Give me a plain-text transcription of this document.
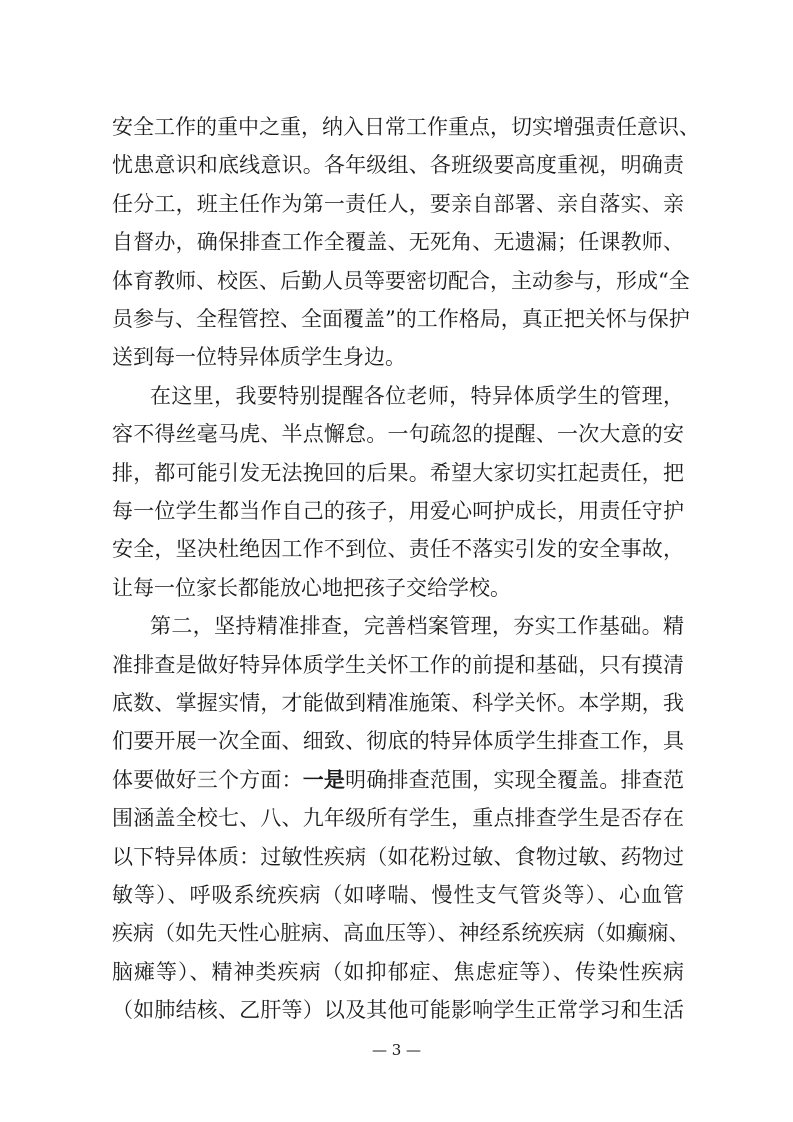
安全工作的重中之重，纳入日常工作重点，切实增强责任意识、
忧患意识和底线意识。各年级组、各班级要高度重视，明确责
任分工，班主任作为第一责任人，要亲自部署、亲自落实、亲
自督办，确保排查工作全覆盖、无死角、无遗漏；任课教师、
体育教师、校医、后勤人员等要密切配合，主动参与，形成“全
员参与、全程管控、全面覆盖”的工作格局，真正把关怀与保护
送到每一位特异体质学生身边。
在这里，我要特别提醒各位老师，特异体质学生的管理，
容不得丝毫马虎、半点懈怠。一句疏忽的提醒、一次大意的安
排，都可能引发无法挽回的后果。希望大家切实扛起责任，把
每一位学生都当作自己的孩子，用爱心呵护成长，用责任守护
安全，坚决杜绝因工作不到位、责任不落实引发的安全事故，
让每一位家长都能放心地把孩子交给学校。
第二，坚持精准排查，完善档案管理，夯实工作基础。精
准排查是做好特异体质学生关怀工作的前提和基础，只有摸清
底数、掌握实情，才能做到精准施策、科学关怀。本学期，我
们要开展一次全面、细致、彻底的特异体质学生排查工作，具
体要做好三个方面：一是明确排查范围，实现全覆盖。排查范
围涵盖全校七、八、九年级所有学生，重点排查学生是否存在
以下特异体质：过敏性疾病（如花粉过敏、食物过敏、药物过
敏等）、呼吸系统疾病（如哮喘、慢性支气管炎等）、心血管
疾病（如先天性心脏病、高血压等）、神经系统疾病（如癫痫、
脑瘫等）、精神类疾病（如抑郁症、焦虑症等）、传染性疾病
（如肺结核、乙肝等）以及其他可能影响学生正常学习和生活
— 3 —
